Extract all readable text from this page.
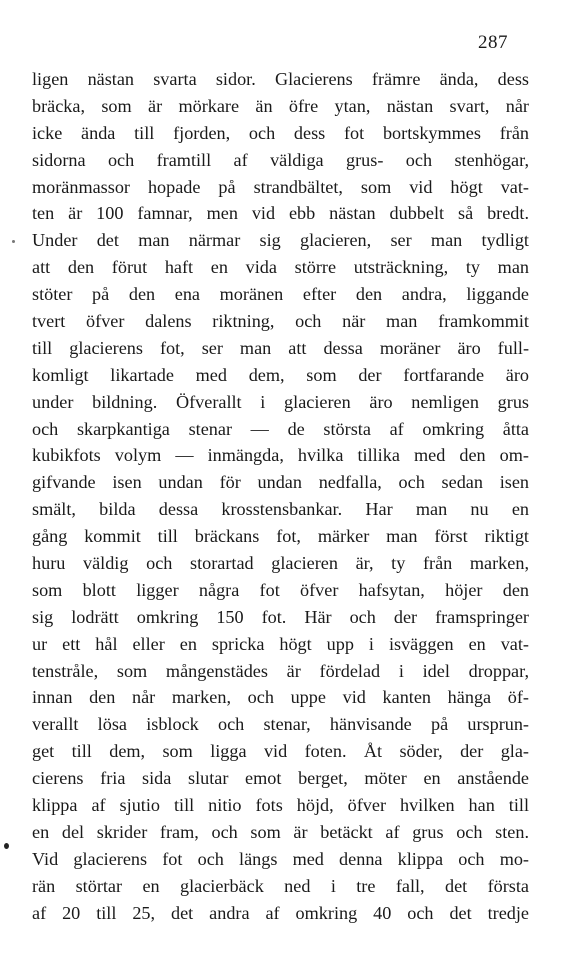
287
ligen nästan svarta sidor. Glacierens främre ända, dess
bräcka, som är mörkare än öfre ytan, nästan svart, når
icke ända till fjorden, och dess fot bortskymmes från
sidorna och framtill af väldiga grus- och stenhögar,
moränmassor hopade på strandbältet, som vid högt vat-
ten är 100 famnar, men vid ebb nästan dubbelt så bredt.
Under det man närmar sig glacieren, ser man tydligt
att den förut haft en vida större utsträckning, ty man
stöter på den ena moränen efter den andra, liggande
tvert öfver dalens riktning, och när man framkommit
till glacierens fot, ser man att dessa moräner äro full-
komligt likartade med dem, som der fortfarande äro
under bildning. Öfverallt i glacieren äro nemligen grus
och skarpkantiga stenar — de största af omkring åtta
kubikfots volym — inmängda, hvilka tillika med den om-
gifvande isen undan för undan nedfalla, och sedan isen
smält, bilda dessa krosstensbankar. Har man nu en
gång kommit till bräckans fot, märker man först riktigt
huru väldig och storartad glacieren är, ty från marken,
som blott ligger några fot öfver hafsytan, höjer den
sig lodrätt omkring 150 fot. Här och der framspringer
ur ett hål eller en spricka högt upp i isväggen en vat-
tenstråle, som mångenstädes är fördelad i idel droppar,
innan den når marken, och uppe vid kanten hänga öf-
verallt lösa isblock och stenar, hänvisande på ursprun-
get till dem, som ligga vid foten. Åt söder, der gla-
cierens fria sida slutar emot berget, möter en anstående
klippa af sjutio till nitio fots höjd, öfver hvilken han till
en del skrider fram, och som är betäckt af grus och sten.
Vid glacierens fot och längs med denna klippa och mo-
rän störtar en glacierbäck ned i tre fall, det första
af 20 till 25, det andra af omkring 40 och det tredje
